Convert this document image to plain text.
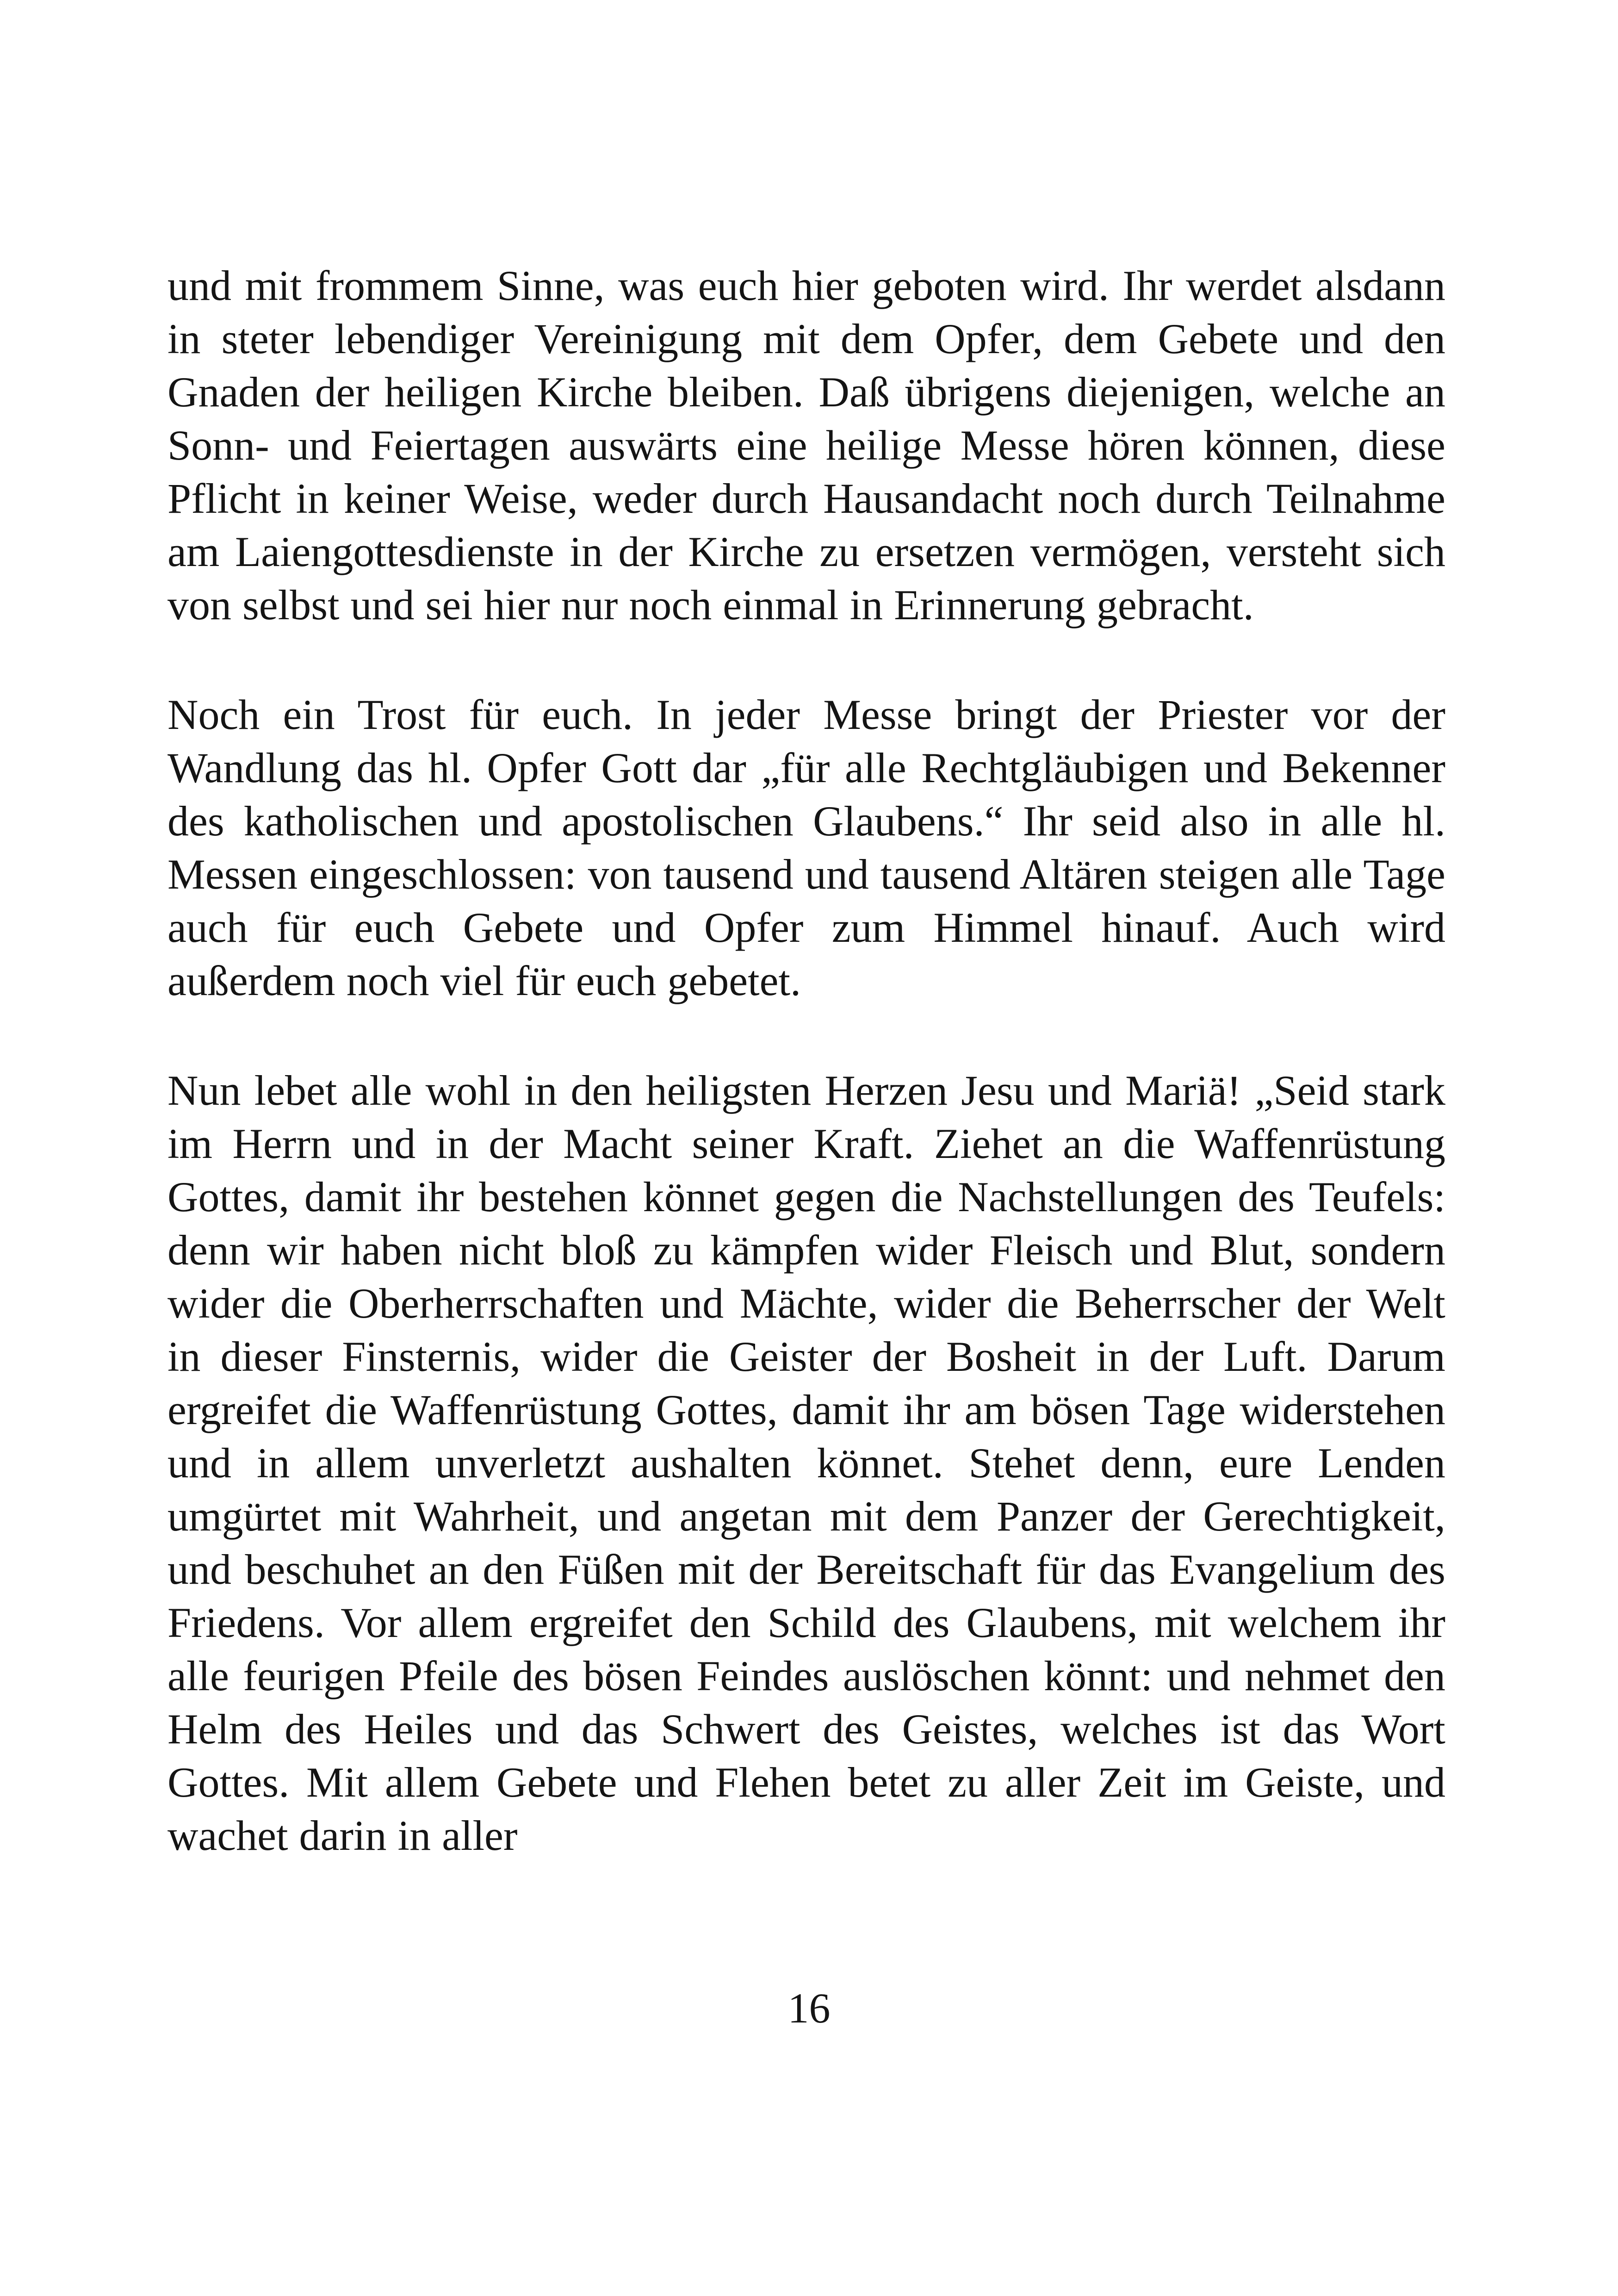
und mit frommem Sinne, was euch hier geboten wird. Ihr werdet alsdann in steter lebendiger Vereinigung mit dem Opfer, dem Gebete und den Gnaden der heiligen Kirche bleiben. Daß übrigens diejenigen, welche an Sonn- und Feiertagen auswärts eine heilige Messe hören können, diese Pflicht in keiner Weise, weder durch Hausandacht noch durch Teilnahme am Laiengottesdienste in der Kirche zu ersetzen vermögen, versteht sich von selbst und sei hier nur noch einmal in Erinnerung gebracht.

Noch ein Trost für euch. In jeder Messe bringt der Priester vor der Wandlung das hl. Opfer Gott dar „für alle Rechtgläubigen und Bekenner des katholischen und apostolischen Glaubens.“ Ihr seid also in alle hl. Messen eingeschlossen: von tausend und tausend Altären steigen alle Tage auch für euch Gebete und Opfer zum Himmel hinauf. Auch wird außerdem noch viel für euch gebetet.

Nun lebet alle wohl in den heiligsten Herzen Jesu und Mariä! „Seid stark im Herrn und in der Macht seiner Kraft. Ziehet an die Waffenrüstung Gottes, damit ihr bestehen könnet gegen die Nachstellungen des Teufels: denn wir haben nicht bloß zu kämpfen wider Fleisch und Blut, sondern wider die Oberherrschaften und Mächte, wider die Beherrscher der Welt in dieser Finsternis, wider die Geister der Bosheit in der Luft. Darum ergreifet die Waffenrüstung Gottes, damit ihr am bösen Tage widerstehen und in allem unverletzt aushalten könnet. Stehet denn, eure Lenden umgürtet mit Wahrheit, und angetan mit dem Panzer der Gerechtigkeit, und beschuhet an den Füßen mit der Bereitschaft für das Evangelium des Friedens. Vor allem ergreifet den Schild des Glaubens, mit welchem ihr alle feurigen Pfeile des bösen Feindes auslöschen könnt: und nehmet den Helm des Heiles und das Schwert des Geistes, welches ist das Wort Gottes. Mit allem Gebete und Flehen betet zu aller Zeit im Geiste, und wachet darin in aller

16
